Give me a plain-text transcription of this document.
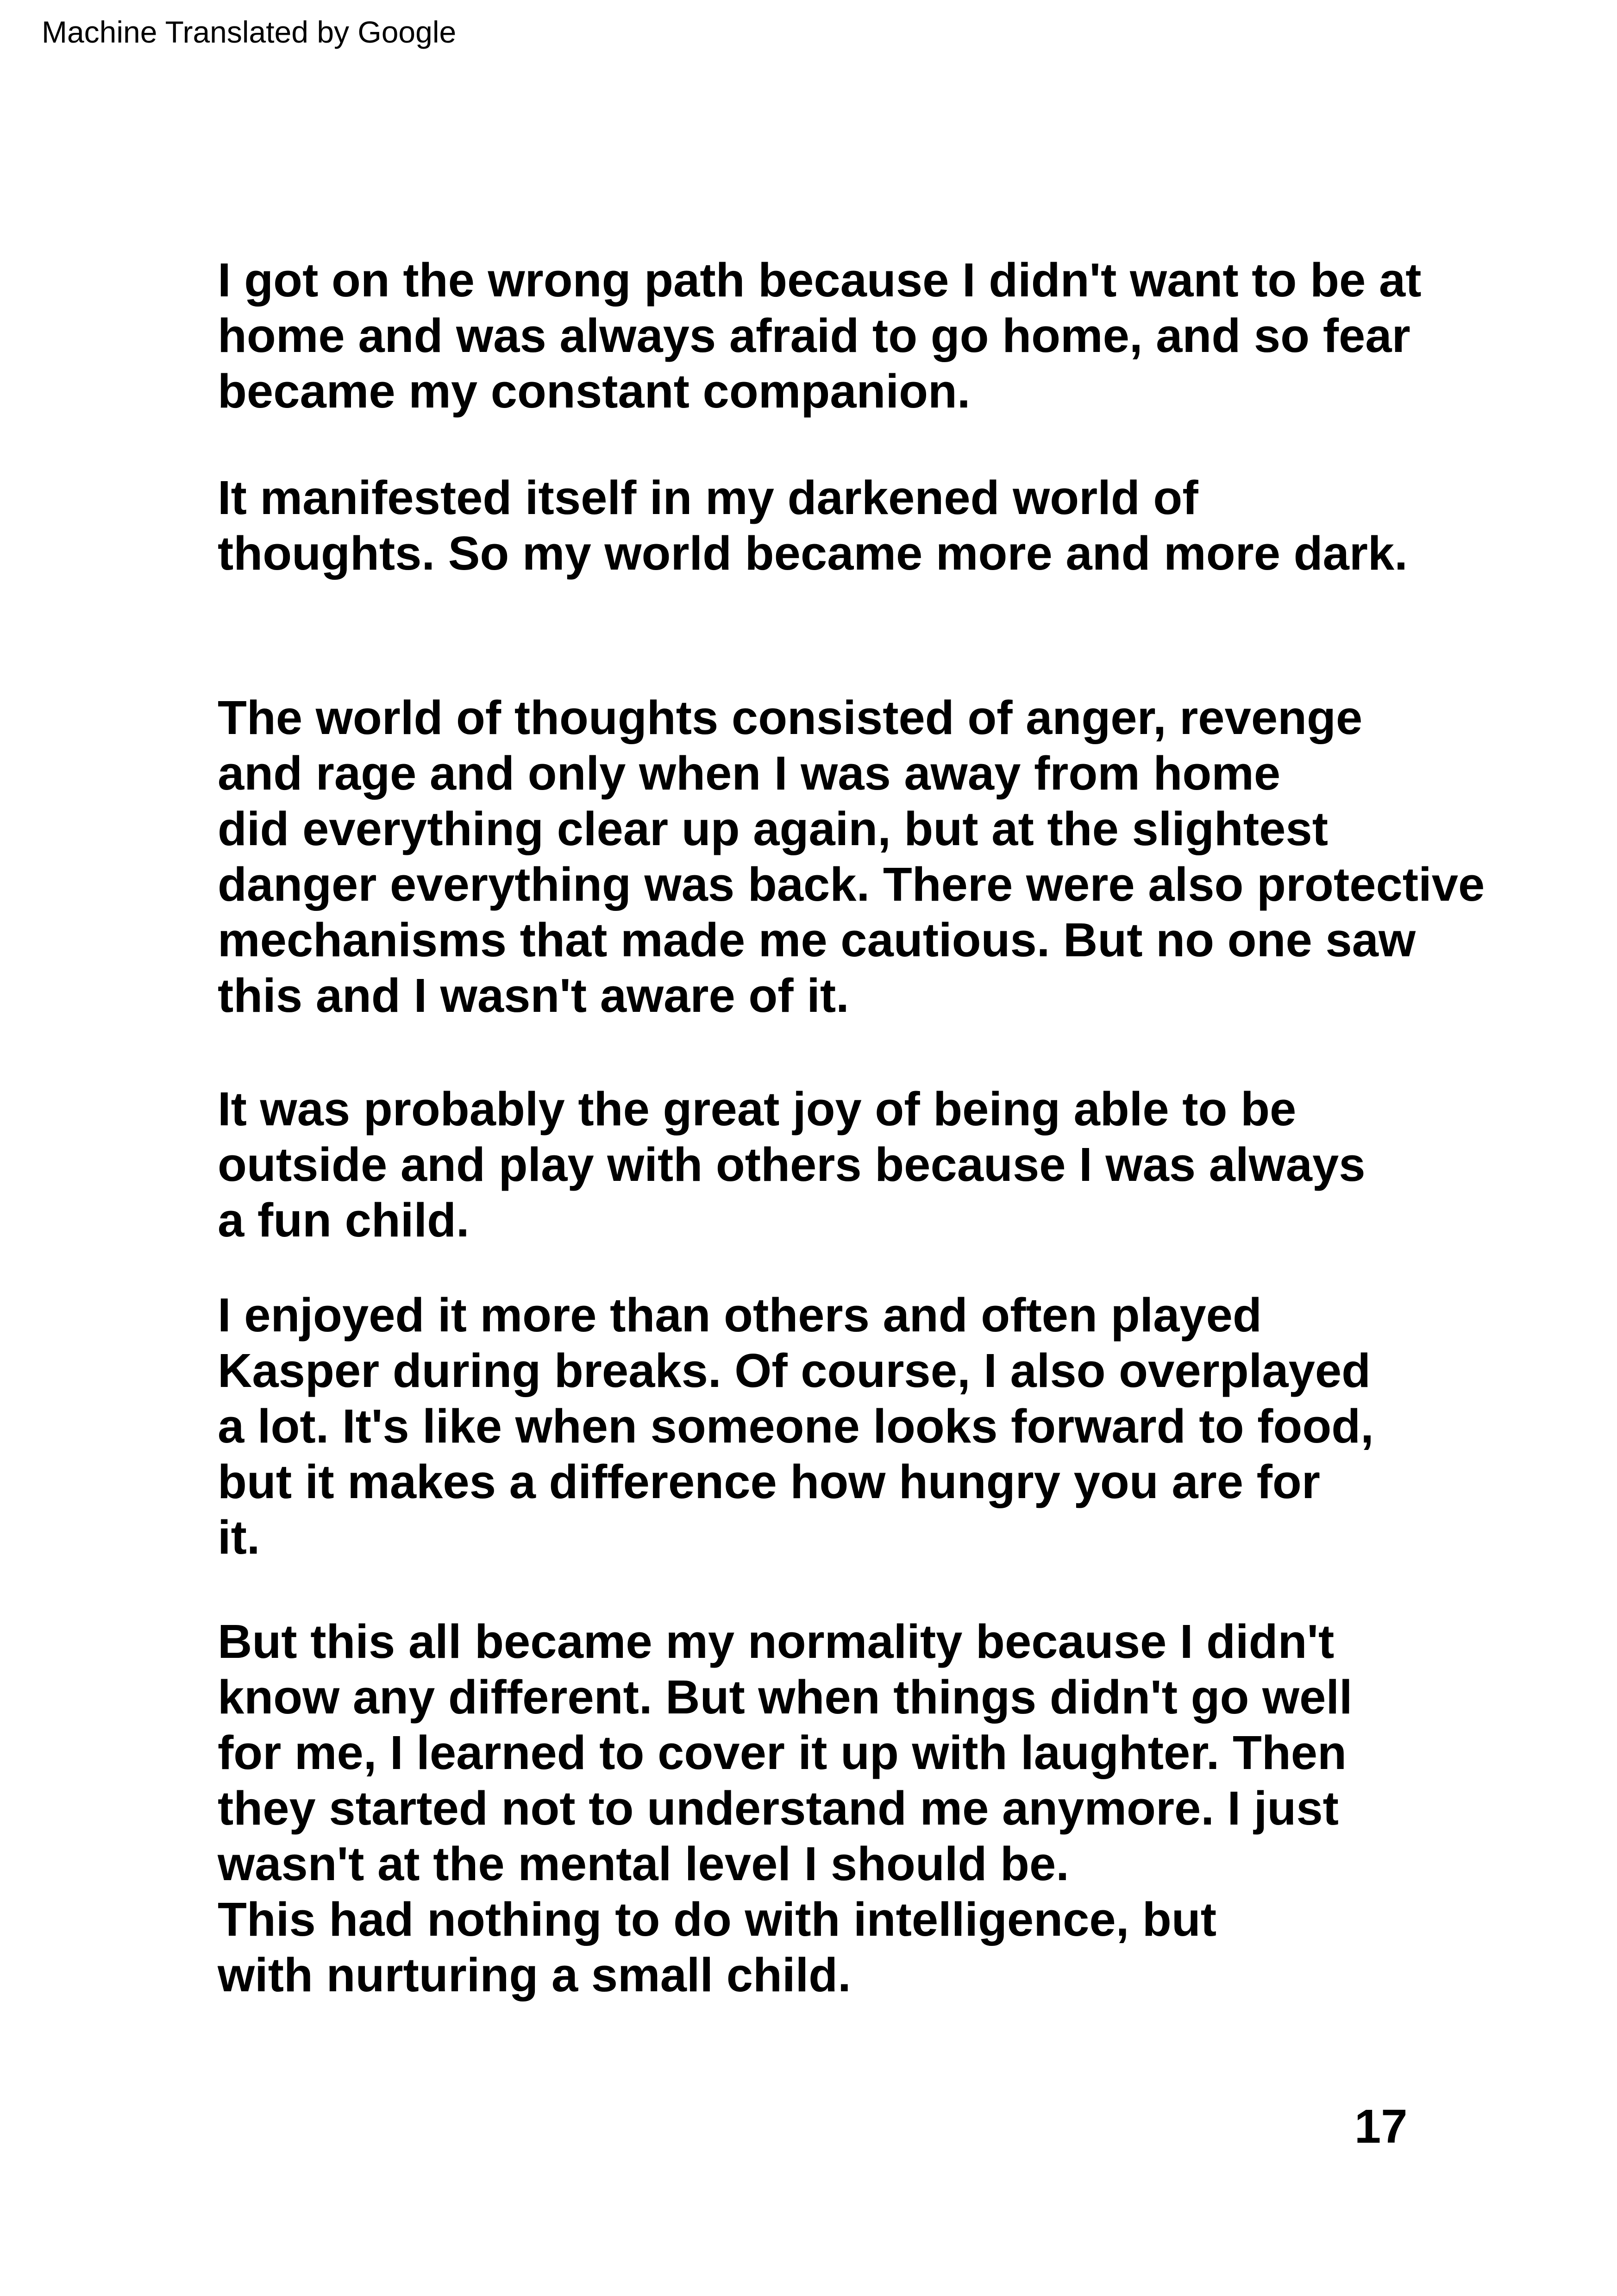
Machine Translated by Google

I got on the wrong path because I didn't want to be at
home and was always afraid to go home, and so fear
became my constant companion.

It manifested itself in my darkened world of
thoughts. So my world became more and more dark.

The world of thoughts consisted of anger, revenge
and rage and only when I was away from home
did everything clear up again, but at the slightest
danger everything was back. There were also protective
mechanisms that made me cautious. But no one saw
this and I wasn't aware of it.

It was probably the great joy of being able to be
outside and play with others because I was always
a fun child.

I enjoyed it more than others and often played
Kasper during breaks. Of course, I also overplayed
a lot. It's like when someone looks forward to food,
but it makes a difference how hungry you are for
it.

But this all became my normality because I didn't
know any different. But when things didn't go well
for me, I learned to cover it up with laughter. Then
they started not to understand me anymore. I just
wasn't at the mental level I should be.
This had nothing to do with intelligence, but
with nurturing a small child.

17
